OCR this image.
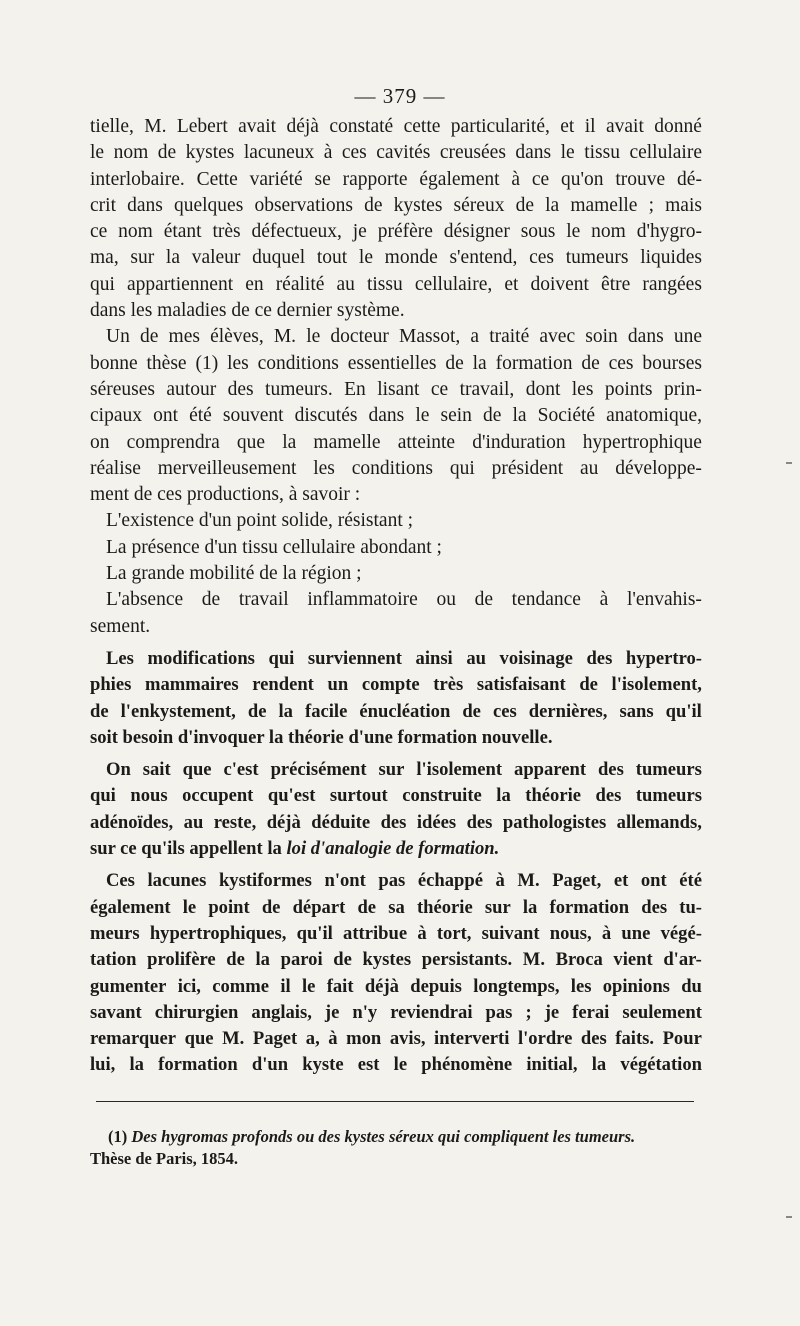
— 379 —
tielle, M. Lebert avait déjà constaté cette particularité, et il avait donné
le nom de kystes lacuneux à ces cavités creusées dans le tissu cellulaire
interlobaire. Cette variété se rapporte également à ce qu'on trouve dé-
crit dans quelques observations de kystes séreux de la mamelle ; mais
ce nom étant très défectueux, je préfère désigner sous le nom d'hygro-
ma, sur la valeur duquel tout le monde s'entend, ces tumeurs liquides
qui appartiennent en réalité au tissu cellulaire, et doivent être rangées
dans les maladies de ce dernier système.
Un de mes élèves, M. le docteur Massot, a traité avec soin dans une
bonne thèse (1) les conditions essentielles de la formation de ces bourses
séreuses autour des tumeurs. En lisant ce travail, dont les points prin-
cipaux ont été souvent discutés dans le sein de la Société anatomique,
on comprendra que la mamelle atteinte d'induration hypertrophique
réalise merveilleusement les conditions qui président au développe-
ment de ces productions, à savoir :
L'existence d'un point solide, résistant ;
La présence d'un tissu cellulaire abondant ;
La grande mobilité de la région ;
L'absence de travail inflammatoire ou de tendance à l'envahis-
sement.
Les modifications qui surviennent ainsi au voisinage des hypertro-
phies mammaires rendent un compte très satisfaisant de l'isolement,
de l'enkystement, de la facile énucléation de ces dernières, sans qu'il
soit besoin d'invoquer la théorie d'une formation nouvelle.
On sait que c'est précisément sur l'isolement apparent des tumeurs
qui nous occupent qu'est surtout construite la théorie des tumeurs
adénoïdes, au reste, déjà déduite des idées des pathologistes allemands,
sur ce qu'ils appellent la loi d'analogie de formation.
Ces lacunes kystiformes n'ont pas échappé à M. Paget, et ont été
également le point de départ de sa théorie sur la formation des tu-
meurs hypertrophiques, qu'il attribue à tort, suivant nous, à une végé-
tation prolifère de la paroi de kystes persistants. M. Broca vient d'ar-
gumenter ici, comme il le fait déjà depuis longtemps, les opinions du
savant chirurgien anglais, je n'y reviendrai pas ; je ferai seulement
remarquer que M. Paget a, à mon avis, interverti l'ordre des faits. Pour
lui, la formation d'un kyste est le phénomène initial, la végétation
(1) Des hygromas profonds ou des kystes séreux qui compliquent les tumeurs.
Thèse de Paris, 1854.
